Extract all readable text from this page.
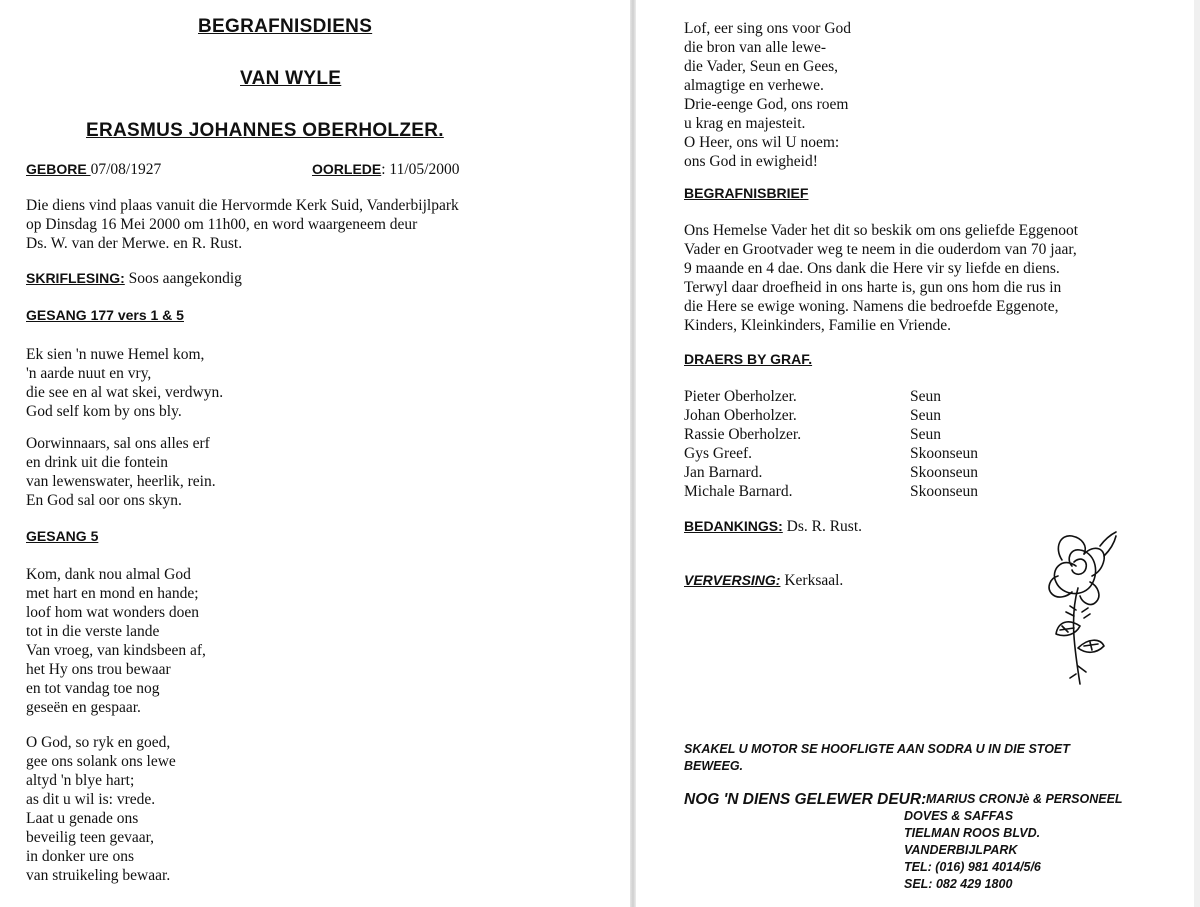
BEGRAFNISDIENS
VAN WYLE
ERASMUS JOHANNES OBERHOLZER.
GEBORE 07/08/1927	OORLEDE: 11/05/2000
Die diens vind plaas vanuit die Hervormde Kerk Suid, Vanderbijlpark
op Dinsdag 16 Mei 2000 om 11h00, en word waargeneem deur
Ds. W. van der Merwe. en R. Rust.
SKRIFLESING: Soos aangekondig
GESANG 177 vers 1 & 5
Ek sien 'n nuwe Hemel kom,
'n aarde nuut en vry,
die see en al wat skei, verdwyn.
God self kom by ons bly.
Oorwinnaars, sal ons alles erf
en drink uit die fontein
van lewenswater, heerlik, rein.
En God sal oor ons skyn.
GESANG 5
Kom, dank nou almal God
met hart en mond en hande;
loof hom wat wonders doen
tot in die verste lande
Van vroeg, van kindsbeen af,
het Hy ons trou bewaar
en tot vandag toe nog
geseën en gespaar.
O God, so ryk en goed,
gee ons solank ons lewe
altyd 'n blye hart;
as dit u wil is: vrede.
Laat u genade ons
beveilig teen gevaar,
in donker ure ons
van struikeling bewaar.
Lof, eer sing ons voor God
die bron van alle lewe-
die Vader, Seun en Gees,
almagtige en verhewe.
Drie-eenge God, ons roem
u krag en majesteit.
O Heer, ons wil U noem:
ons God in ewigheid!
BEGRAFNISBRIEF
Ons Hemelse Vader het dit so beskik om ons geliefde Eggenoot
Vader en Grootvader weg te neem in die ouderdom van 70 jaar,
9 maande en 4 dae. Ons dank die Here vir sy liefde en diens.
Terwyl daar droefheid in ons harte is, gun ons hom die rus in
die Here se ewige woning. Namens die bedroefde Eggenote,
Kinders, Kleinkinders, Familie en Vriende.
DRAERS BY GRAF.
Pieter Oberholzer.	Seun
Johan Oberholzer.	Seun
Rassie Oberholzer.	Seun
Gys Greef.	Skoonseun
Jan Barnard.	Skoonseun
Michale Barnard.	Skoonseun
BEDANKINGS: Ds. R. Rust.
VERVERSING: Kerksaal.
SKAKEL U MOTOR SE HOOFLIGTE AAN SODRA U IN DIE STOET
BEWEEG.
NOG 'N DIENS GELEWER DEUR: MARIUS CRONJè & PERSONEEL
DOVES & SAFFAS
TIELMAN ROOS BLVD.
VANDERBIJLPARK
TEL: (016) 981 4014/5/6
SEL: 082 429 1800
